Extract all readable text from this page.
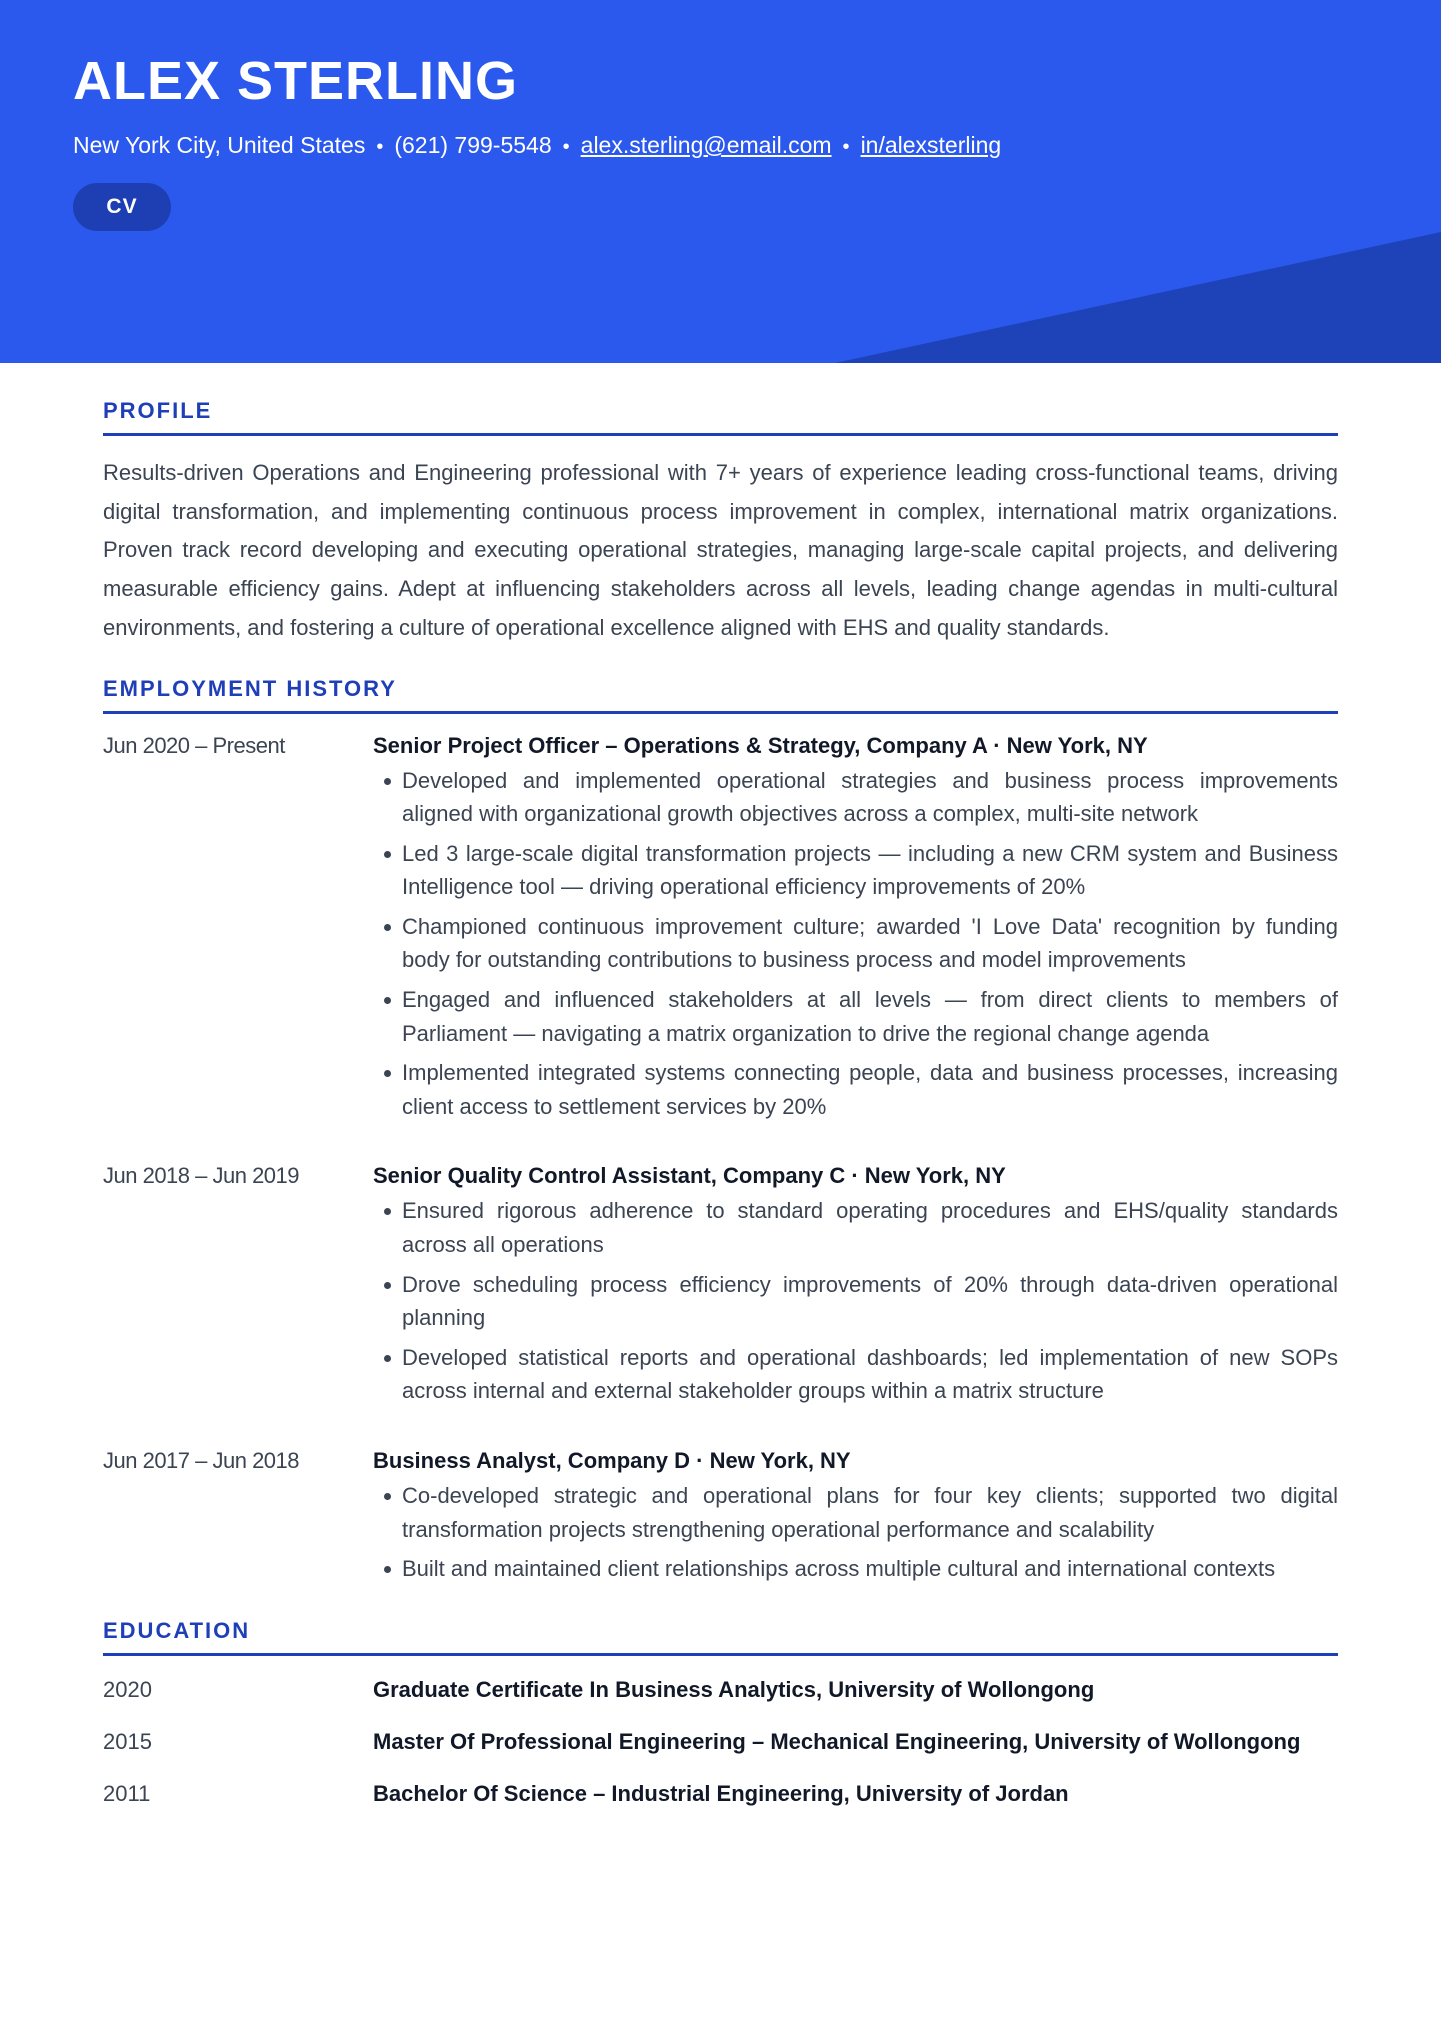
ALEX STERLING
New York City, United States • (621) 799-5548 • alex.sterling@email.com • in/alexsterling
CV
PROFILE

Results-driven Operations and Engineering professional with 7+ years of experience leading cross-functional teams, driving digital transformation, and implementing continuous process improvement in complex, international matrix organizations. Proven track record developing and executing operational strategies, managing large-scale capital projects, and delivering measurable efficiency gains. Adept at influencing stakeholders across all levels, leading change agendas in multi-cultural environments, and fostering a culture of operational excellence aligned with EHS and quality standards.

EMPLOYMENT HISTORY
Jun 2020 – Present	Senior Project Officer – Operations & Strategy, Company A · New York, NY
Developed and implemented operational strategies and business process improvements aligned with organizational growth objectives across a complex, multi-site network
Led 3 large-scale digital transformation projects — including a new CRM system and Business Intelligence tool — driving operational efficiency improvements of 20%
Championed continuous improvement culture; awarded 'I Love Data' recognition by funding body for outstanding contributions to business process and model improvements
Engaged and influenced stakeholders at all levels — from direct clients to members of Parliament — navigating a matrix organization to drive the regional change agenda
Implemented integrated systems connecting people, data and business processes, increasing client access to settlement services by 20%
Jun 2018 – Jun 2019	Senior Quality Control Assistant, Company C · New York, NY
Ensured rigorous adherence to standard operating procedures and EHS/quality standards across all operations
Drove scheduling process efficiency improvements of 20% through data-driven operational planning
Developed statistical reports and operational dashboards; led implementation of new SOPs across internal and external stakeholder groups within a matrix structure
Jun 2017 – Jun 2018	Business Analyst, Company D · New York, NY
Co-developed strategic and operational plans for four key clients; supported two digital transformation projects strengthening operational performance and scalability
Built and maintained client relationships across multiple cultural and international contexts
EDUCATION
2020	Graduate Certificate In Business Analytics, University of Wollongong
2015	Master Of Professional Engineering – Mechanical Engineering, University of Wollongong
2011	Bachelor Of Science – Industrial Engineering, University of Jordan
